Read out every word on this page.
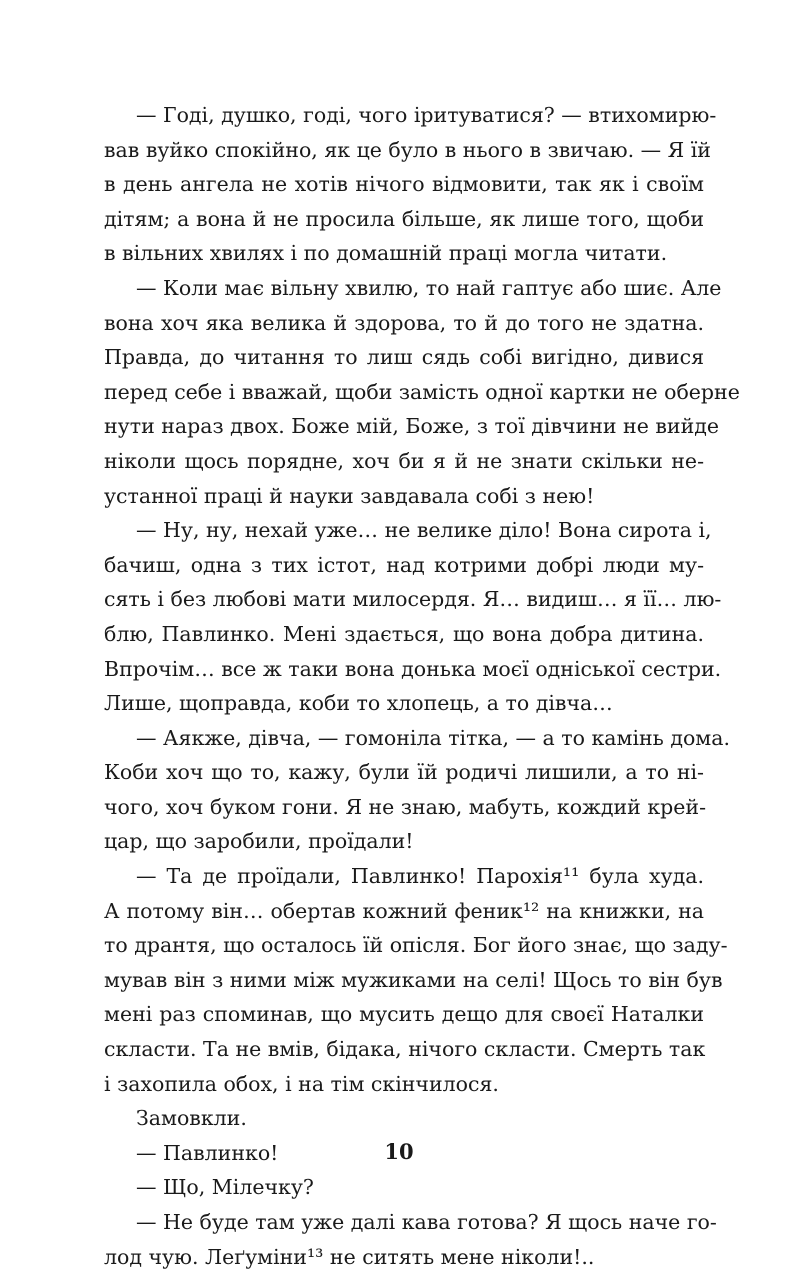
— Годі, душко, годі, чого іритуватися? — втихомирю-
вав вуйко спокійно, як це було в нього в звичаю. — Я їй
в день ангела не хотів нічого відмовити, так як і своїм
дітям; а вона й не просила більше, як лише того, щоби
в вільних хвилях і по домашній праці могла читати.
— Коли має вільну хвилю, то най гаптує або шиє. Але
вона хоч яка велика й здорова, то й до того не здатна.
Правда, до читання то лиш сядь собі вигідно, дивися
перед себе і вважай, щоби замість одної картки не оберне
нути нараз двох. Боже мій, Боже, з тої дівчини не вийде
ніколи щось порядне, хоч би я й не знати скільки не-
устанної праці й науки завдавала собі з нею!
— Ну, ну, нехай уже… не велике діло! Вона сирота і,
бачиш, одна з тих істот, над котрими добрі люди му-
сять і без любові мати милосердя. Я… видиш… я її… лю-
блю, Павлинко. Мені здається, що вона добра дитина.
Впрочім… все ж таки вона донька моєї одніської сестри.
Лише, щоправда, коби то хлопець, а то дівча…
— Аякже, дівча, — гомоніла тітка, — а то камінь дома.
Коби хоч що то, кажу, були їй родичі лишили, а то ні-
чого, хоч буком гони. Я не знаю, мабуть, кождий крей-
цар, що заробили, проїдали!
— Та де проїдали, Павлинко! Парохія¹¹ була худа.
А потому він… обертав кожний феник¹² на книжки, на
то дрантя, що осталось їй опісля. Бог його знає, що заду-
мував він з ними між мужиками на селі! Щось то він був
мені раз споминав, що мусить дещо для своєї Наталки
скласти. Та не вмів, бідака, нічого скласти. Смерть так
і захопила обох, і на тім скінчилося.
Замовкли.
— Павлинко!
— Що, Мілечку?
— Не буде там уже далі кава готова? Я щось наче го-
лод чую. Леґуміни¹³ не ситять мене ніколи!..
10
